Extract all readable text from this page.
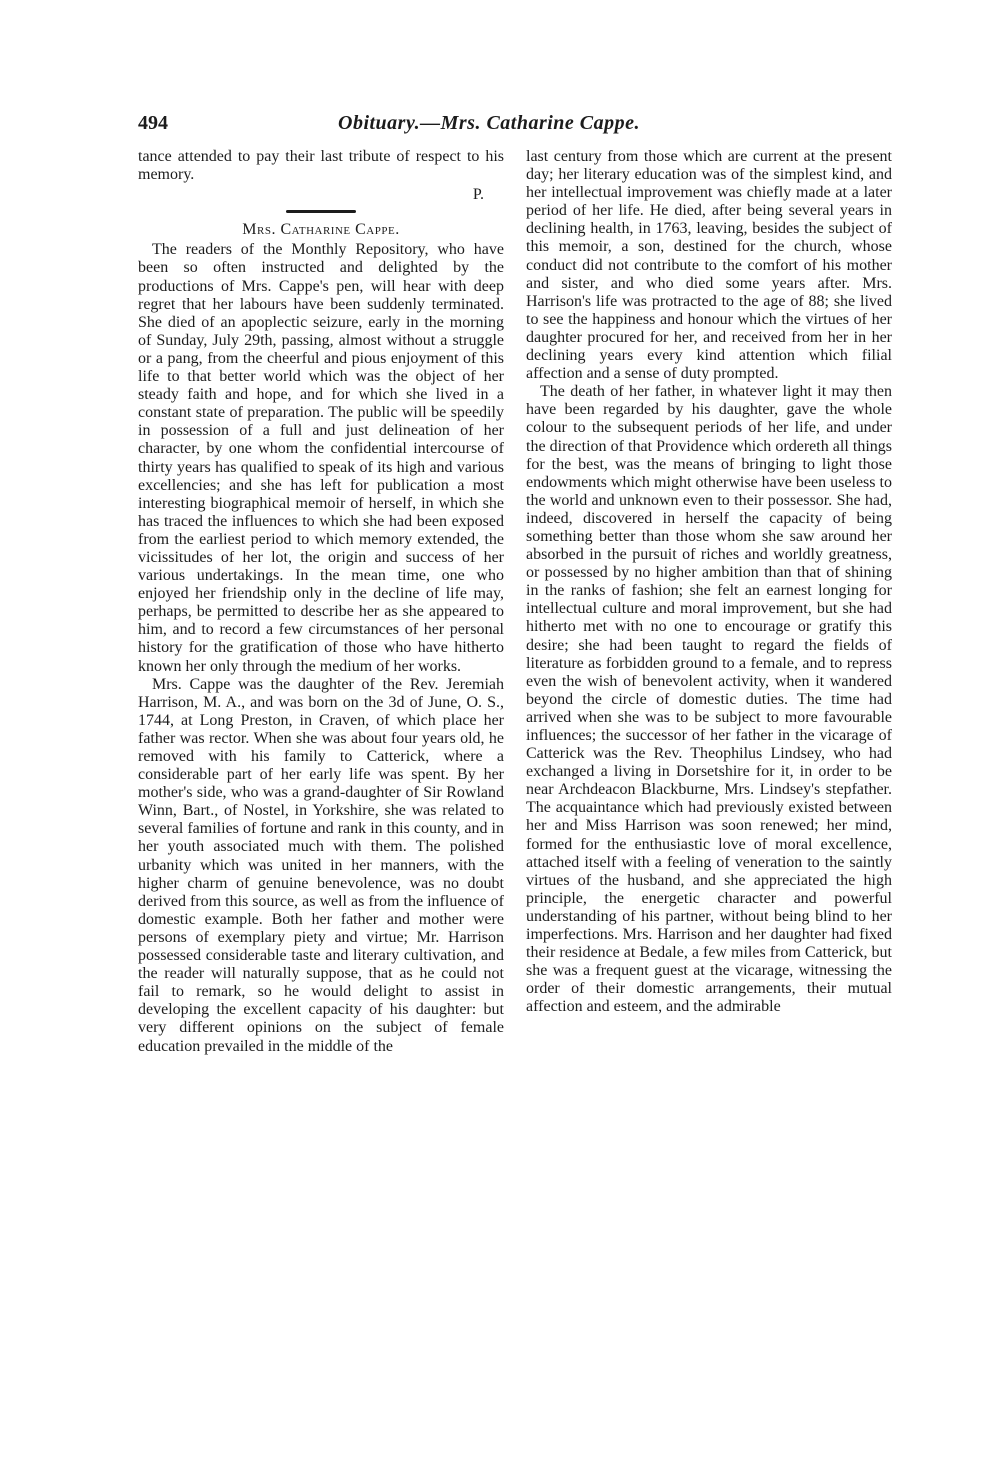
494	Obituary.—Mrs. Catharine Cappe.

tance attended to pay their last tribute of respect to his memory.

P.
Mrs. Catharine Cappe.

The readers of the Monthly Repository, who have been so often instructed and delighted by the productions of Mrs. Cappe's pen, will hear with deep regret that her labours have been suddenly terminated. She died of an apoplectic seizure, early in the morning of Sunday, July 29th, passing, almost without a struggle or a pang, from the cheerful and pious enjoyment of this life to that better world which was the object of her steady faith and hope, and for which she lived in a constant state of preparation. The public will be speedily in possession of a full and just delineation of her character, by one whom the confidential intercourse of thirty years has qualified to speak of its high and various excellencies; and she has left for publication a most interesting biographical memoir of herself, in which she has traced the influences to which she had been exposed from the earliest period to which memory extended, the vicissitudes of her lot, the origin and success of her various undertakings. In the mean time, one who enjoyed her friendship only in the decline of life may, perhaps, be permitted to describe her as she appeared to him, and to record a few circumstances of her personal history for the gratification of those who have hitherto known her only through the medium of her works.

Mrs. Cappe was the daughter of the Rev. Jeremiah Harrison, M. A., and was born on the 3d of June, O. S., 1744, at Long Preston, in Craven, of which place her father was rector. When she was about four years old, he removed with his family to Catterick, where a considerable part of her early life was spent. By her mother's side, who was a grand-daughter of Sir Rowland Winn, Bart., of Nostel, in Yorkshire, she was related to several families of fortune and rank in this county, and in her youth associated much with them. The polished urbanity which was united in her manners, with the higher charm of genuine benevolence, was no doubt derived from this source, as well as from the influence of domestic example. Both her father and mother were persons of exemplary piety and virtue; Mr. Harrison possessed considerable taste and literary cultivation, and the reader will naturally suppose, that as he could not fail to remark, so he would delight to assist in developing the excellent capacity of his daughter: but very different opinions on the subject of female education prevailed in the middle of the

last century from those which are current at the present day; her literary education was of the simplest kind, and her intellectual improvement was chiefly made at a later period of her life. He died, after being several years in declining health, in 1763, leaving, besides the subject of this memoir, a son, destined for the church, whose conduct did not contribute to the comfort of his mother and sister, and who died some years after. Mrs. Harrison's life was protracted to the age of 88; she lived to see the happiness and honour which the virtues of her daughter procured for her, and received from her in her declining years every kind attention which filial affection and a sense of duty prompted.

The death of her father, in whatever light it may then have been regarded by his daughter, gave the whole colour to the subsequent periods of her life, and under the direction of that Providence which ordereth all things for the best, was the means of bringing to light those endowments which might otherwise have been useless to the world and unknown even to their possessor. She had, indeed, discovered in herself the capacity of being something better than those whom she saw around her absorbed in the pursuit of riches and worldly greatness, or possessed by no higher ambition than that of shining in the ranks of fashion; she felt an earnest longing for intellectual culture and moral improvement, but she had hitherto met with no one to encourage or gratify this desire; she had been taught to regard the fields of literature as forbidden ground to a female, and to repress even the wish of benevolent activity, when it wandered beyond the circle of domestic duties. The time had arrived when she was to be subject to more favourable influences; the successor of her father in the vicarage of Catterick was the Rev. Theophilus Lindsey, who had exchanged a living in Dorsetshire for it, in order to be near Archdeacon Blackburne, Mrs. Lindsey's stepfather. The acquaintance which had previously existed between her and Miss Harrison was soon renewed; her mind, formed for the enthusiastic love of moral excellence, attached itself with a feeling of veneration to the saintly virtues of the husband, and she appreciated the high principle, the energetic character and powerful understanding of his partner, without being blind to her imperfections. Mrs. Harrison and her daughter had fixed their residence at Bedale, a few miles from Catterick, but she was a frequent guest at the vicarage, witnessing the order of their domestic arrangements, their mutual affection and esteem, and the admirable
